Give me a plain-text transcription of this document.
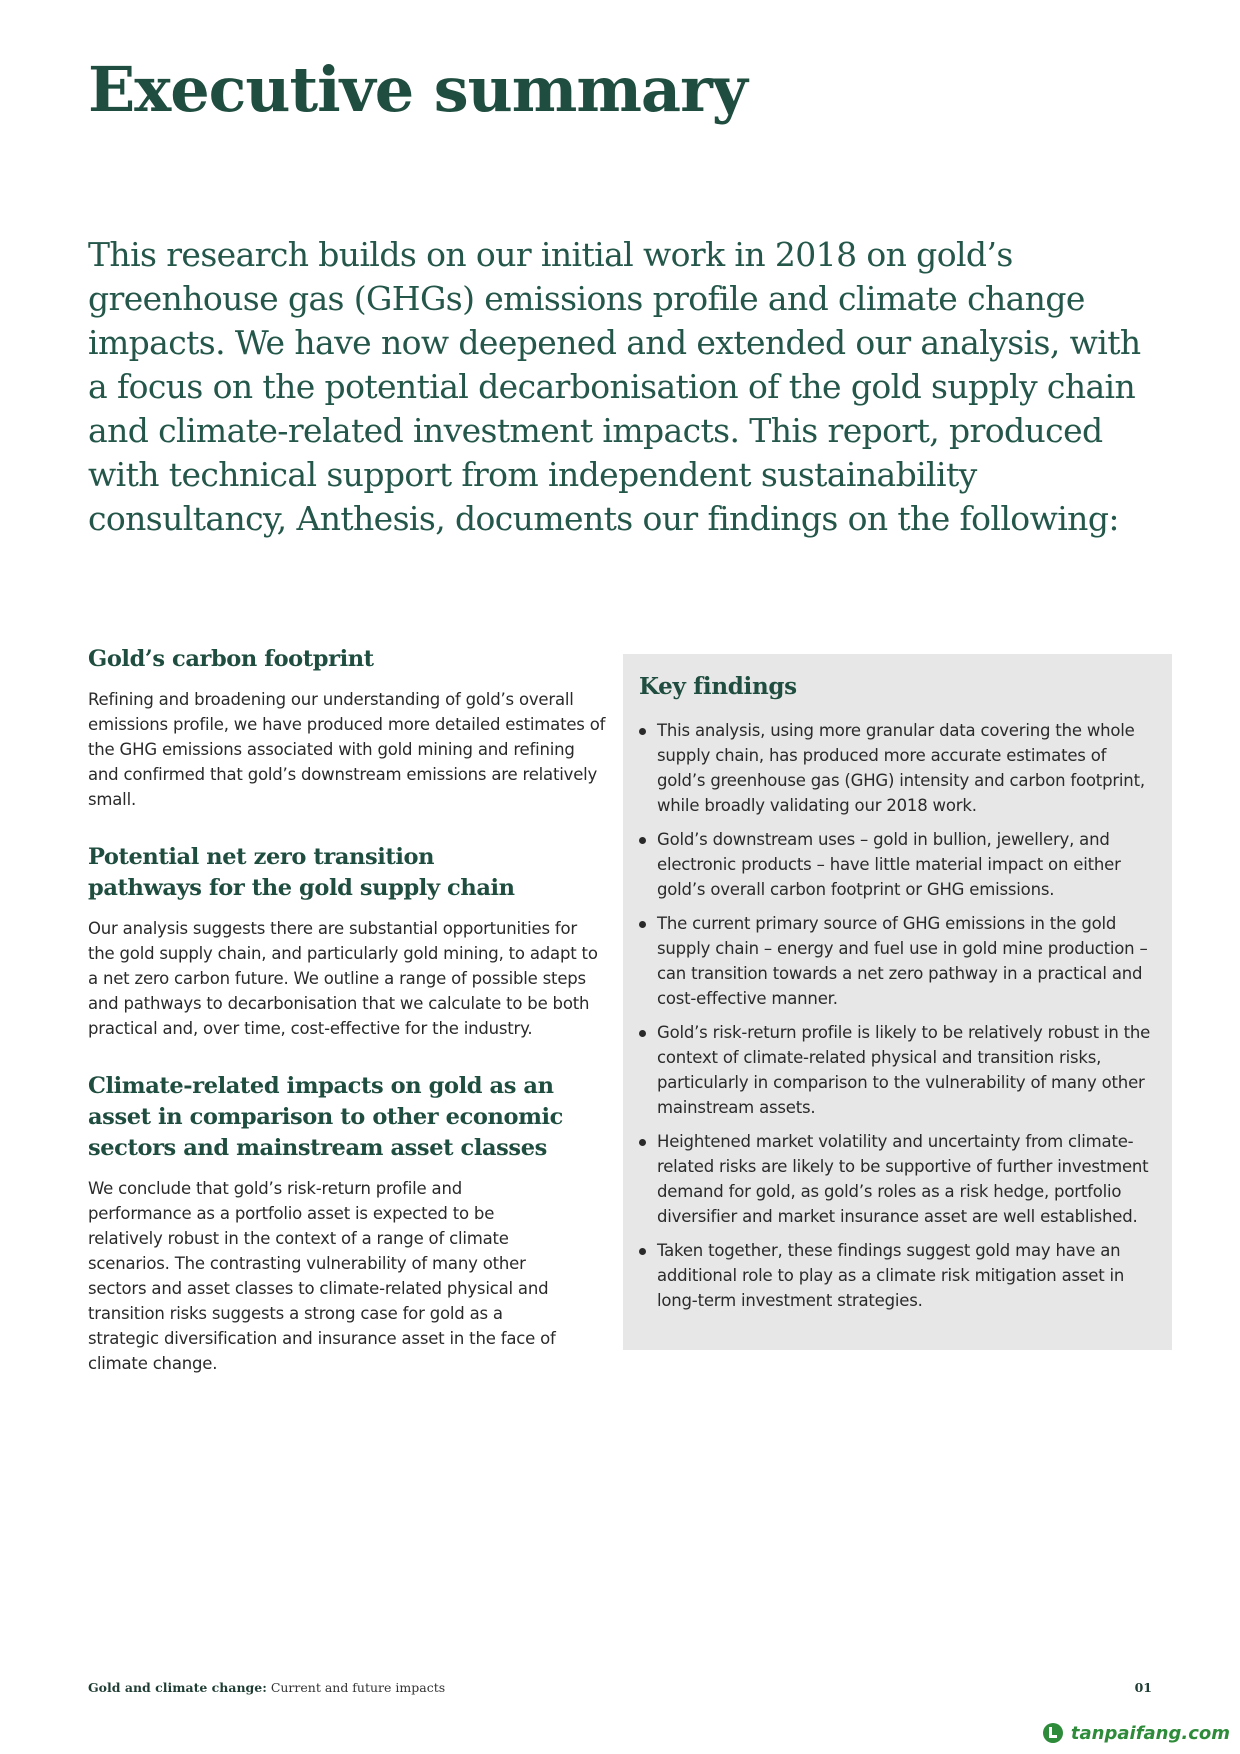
Executive summary

This research builds on our initial work in 2018 on gold’s greenhouse gas (GHGs) emissions profile and climate change impacts. We have now deepened and extended our analysis, with a focus on the potential decarbonisation of the gold supply chain and climate-related investment impacts. This report, produced with technical support from independent sustainability consultancy, Anthesis, documents our findings on the following:

Gold’s carbon footprint

Refining and broadening our understanding of gold’s overall emissions profile, we have produced more detailed estimates of the GHG emissions associated with gold mining and refining and confirmed that gold’s downstream emissions are relatively small.

Potential net zero transition pathways for the gold supply chain

Our analysis suggests there are substantial opportunities for the gold supply chain, and particularly gold mining, to adapt to a net zero carbon future. We outline a range of possible steps and pathways to decarbonisation that we calculate to be both practical and, over time, cost-effective for the industry.

Climate-related impacts on gold as an asset in comparison to other economic sectors and mainstream asset classes

We conclude that gold’s risk-return profile and performance as a portfolio asset is expected to be relatively robust in the context of a range of climate scenarios. The contrasting vulnerability of many other sectors and asset classes to climate-related physical and transition risks suggests a strong case for gold as a strategic diversification and insurance asset in the face of climate change.

Key findings
This analysis, using more granular data covering the whole supply chain, has produced more accurate estimates of gold’s greenhouse gas (GHG) intensity and carbon footprint, while broadly validating our 2018 work.
Gold’s downstream uses – gold in bullion, jewellery, and electronic products – have little material impact on either gold’s overall carbon footprint or GHG emissions.
The current primary source of GHG emissions in the gold supply chain – energy and fuel use in gold mine production – can transition towards a net zero pathway in a practical and cost-effective manner.
Gold’s risk-return profile is likely to be relatively robust in the context of climate-related physical and transition risks, particularly in comparison to the vulnerability of many other mainstream assets.
Heightened market volatility and uncertainty from climate-related risks are likely to be supportive of further investment demand for gold, as gold’s roles as a risk hedge, portfolio diversifier and market insurance asset are well established.
Taken together, these findings suggest gold may have an additional role to play as a climate risk mitigation asset in long-term investment strategies.
Gold and climate change: Current and future impacts	01
tanpaifang.com
